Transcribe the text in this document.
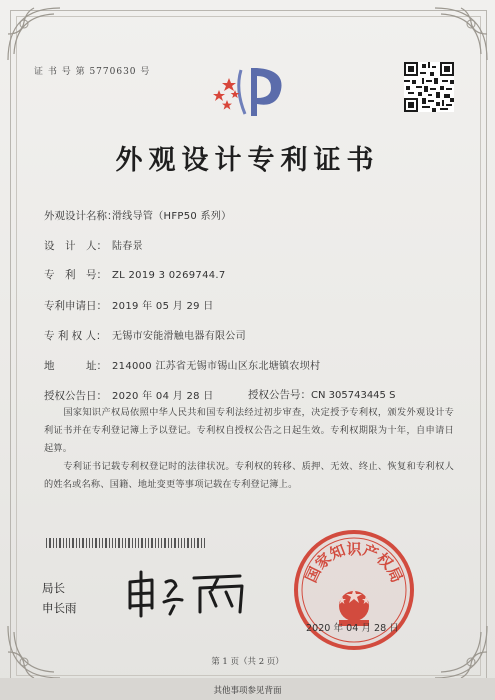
证 书 号 第 5770630 号
外观设计专利证书
外观设计名称：滑线导管（HFP50 系列）
设　计　人： 陆春景
专　利　号： ZL 2019 3 0269744.7
专利申请日： 2019 年 05 月 29 日
专 利 权 人： 无锡市安能滑触电器有限公司
地　　　址： 214000 江苏省无锡市锡山区东北塘镇农坝村
授权公告日： 2020 年 04 月 28 日	授权公告号：CN 305743445 S
国家知识产权局依照中华人民共和国专利法经过初步审查，决定授予专利权，颁发外观设计专利证书并在专利登记簿上予以登记。专利权自授权公告之日起生效。专利权期限为十年，自申请日起算。
专利证书记载专利权登记时的法律状况。专利权的转移、质押、无效、终止、恢复和专利权人的姓名或名称、国籍、地址变更等事项记载在专利登记簿上。
局长
申长雨
国家知识产权局
2020 年 04 月 28 日
第 1 页（共 2 页）
其他事项参见背面
